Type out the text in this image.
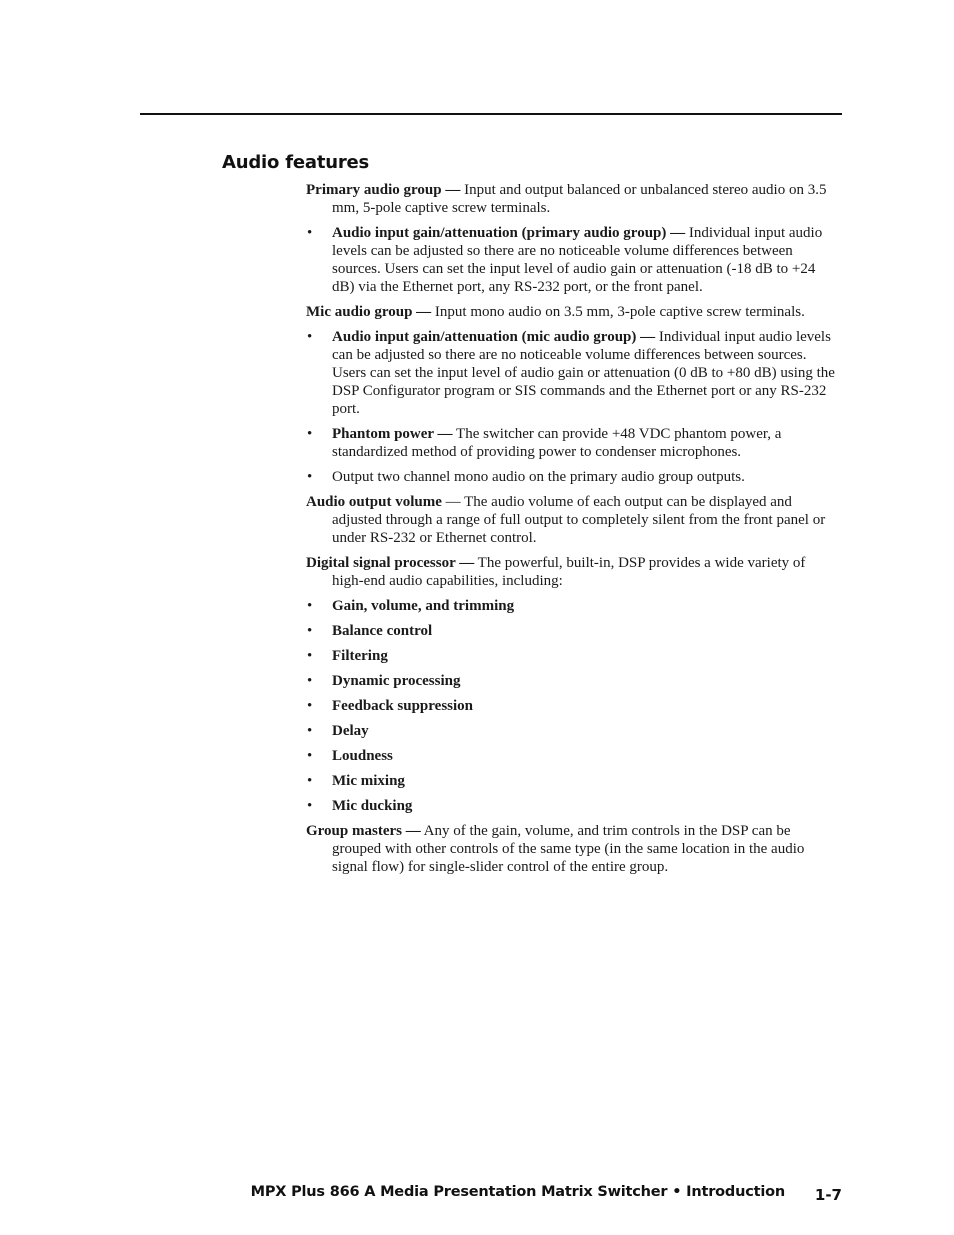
Audio features

Primary audio group — Input and output balanced or unbalanced stereo audio on 3.5 mm, 5-pole captive screw terminals.

• Audio input gain/attenuation (primary audio group) — Individual input audio levels can be adjusted so there are no noticeable volume differences between sources. Users can set the input level of audio gain or attenuation (-18 dB to +24 dB) via the Ethernet port, any RS-232 port, or the front panel.

Mic audio group — Input mono audio on 3.5 mm, 3-pole captive screw terminals.

• Audio input gain/attenuation (mic audio group) — Individual input audio levels can be adjusted so there are no noticeable volume differences between sources. Users can set the input level of audio gain or attenuation (0 dB to +80 dB) using the DSP Configurator program or SIS commands and the Ethernet port or any RS-232 port.
• Phantom power — The switcher can provide +48 VDC phantom power, a standardized method of providing power to condenser microphones.
• Output two channel mono audio on the primary audio group outputs.

Audio output volume — The audio volume of each output can be displayed and adjusted through a range of full output to completely silent from the front panel or under RS-232 or Ethernet control.

Digital signal processor — The powerful, built-in, DSP provides a wide variety of high-end audio capabilities, including:

• Gain, volume, and trimming
• Balance control
• Filtering
• Dynamic processing
• Feedback suppression
• Delay
• Loudness
• Mic mixing
• Mic ducking

Group masters — Any of the gain, volume, and trim controls in the DSP can be grouped with other controls of the same type (in the same location in the audio signal flow) for single-slider control of the entire group.

MPX Plus 866 A Media Presentation Matrix Switcher • Introduction 1-7
